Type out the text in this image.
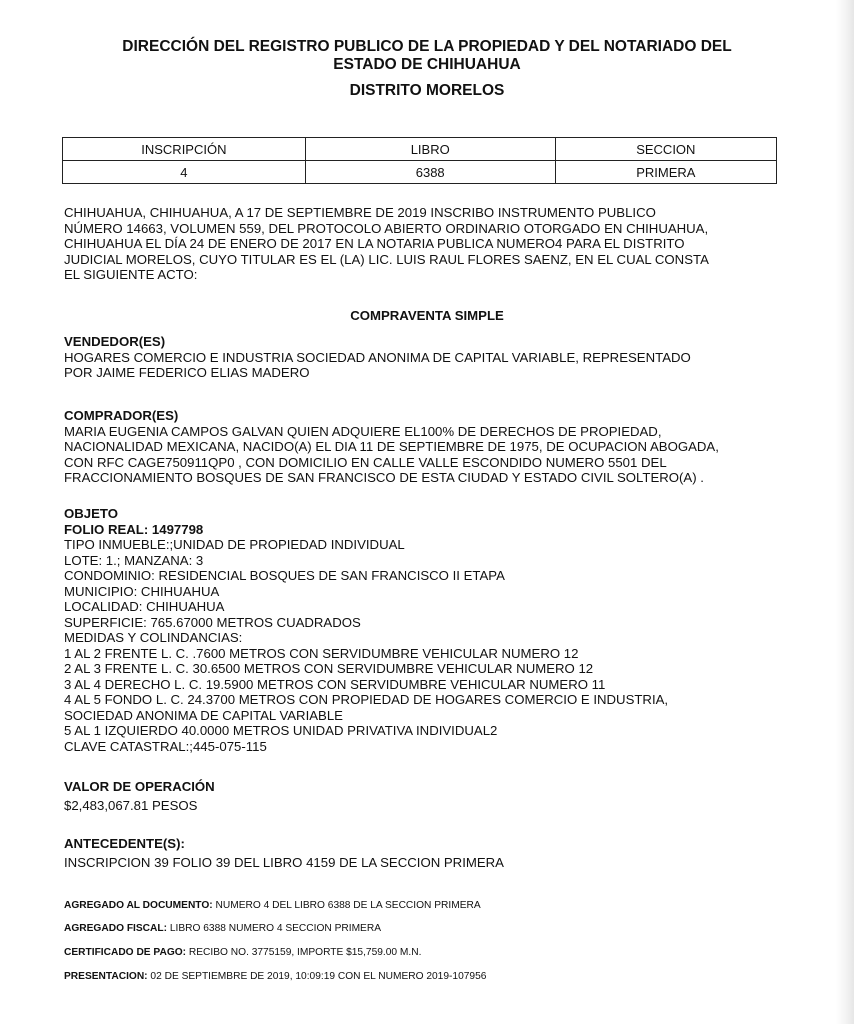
DIRECCIÓN DEL REGISTRO PUBLICO DE LA PROPIEDAD Y DEL NOTARIADO DEL
ESTADO DE CHIHUAHUA
DISTRITO MORELOS
INSCRIPCIÓN	LIBRO	SECCION
4	6388	PRIMERA
CHIHUAHUA, CHIHUAHUA, A 17 DE SEPTIEMBRE DE 2019 INSCRIBO INSTRUMENTO PUBLICO
NÚMERO 14663, VOLUMEN 559, DEL PROTOCOLO ABIERTO ORDINARIO OTORGADO EN CHIHUAHUA,
CHIHUAHUA EL DÍA 24 DE ENERO DE 2017 EN LA NOTARIA PUBLICA NUMERO4 PARA EL DISTRITO
JUDICIAL MORELOS, CUYO TITULAR ES EL (LA) LIC. LUIS RAUL FLORES SAENZ, EN EL CUAL CONSTA
EL SIGUIENTE ACTO:
COMPRAVENTA SIMPLE
VENDEDOR(ES)
HOGARES COMERCIO E INDUSTRIA SOCIEDAD ANONIMA DE CAPITAL VARIABLE, REPRESENTADO
POR JAIME FEDERICO ELIAS MADERO
COMPRADOR(ES)
MARIA EUGENIA CAMPOS GALVAN QUIEN ADQUIERE EL100% DE DERECHOS DE PROPIEDAD,
NACIONALIDAD MEXICANA, NACIDO(A) EL DIA 11 DE SEPTIEMBRE DE 1975, DE OCUPACION ABOGADA,
CON RFC CAGE750911QP0 , CON DOMICILIO EN CALLE VALLE ESCONDIDO NUMERO 5501 DEL
FRACCIONAMIENTO BOSQUES DE SAN FRANCISCO DE ESTA CIUDAD Y ESTADO CIVIL SOLTERO(A) .
OBJETO
FOLIO REAL: 1497798
TIPO INMUEBLE:;UNIDAD DE PROPIEDAD INDIVIDUAL
LOTE: 1.; MANZANA: 3
CONDOMINIO: RESIDENCIAL BOSQUES DE SAN FRANCISCO II ETAPA
MUNICIPIO: CHIHUAHUA
LOCALIDAD: CHIHUAHUA
SUPERFICIE: 765.67000 METROS CUADRADOS
MEDIDAS Y COLINDANCIAS:
1 AL 2 FRENTE L. C. .7600 METROS CON SERVIDUMBRE VEHICULAR NUMERO 12
2 AL 3 FRENTE L. C. 30.6500 METROS CON SERVIDUMBRE VEHICULAR NUMERO 12
3 AL 4 DERECHO L. C. 19.5900 METROS CON SERVIDUMBRE VEHICULAR NUMERO 11
4 AL 5 FONDO L. C. 24.3700 METROS CON PROPIEDAD DE HOGARES COMERCIO E INDUSTRIA,
SOCIEDAD ANONIMA DE CAPITAL VARIABLE
5 AL 1 IZQUIERDO 40.0000 METROS UNIDAD PRIVATIVA INDIVIDUAL2
CLAVE CATASTRAL:;445-075-115
VALOR DE OPERACIÓN
$2,483,067.81 PESOS
ANTECEDENTE(S):
INSCRIPCION 39 FOLIO 39 DEL LIBRO 4159 DE LA SECCION PRIMERA
AGREGADO AL DOCUMENTO: NUMERO 4 DEL LIBRO 6388 DE LA SECCION PRIMERA
AGREGADO FISCAL: LIBRO 6388 NUMERO 4 SECCION PRIMERA
CERTIFICADO DE PAGO: RECIBO NO. 3775159, IMPORTE $15,759.00 M.N.
PRESENTACION: 02 DE SEPTIEMBRE DE 2019, 10:09:19 CON EL NUMERO 2019-107956
